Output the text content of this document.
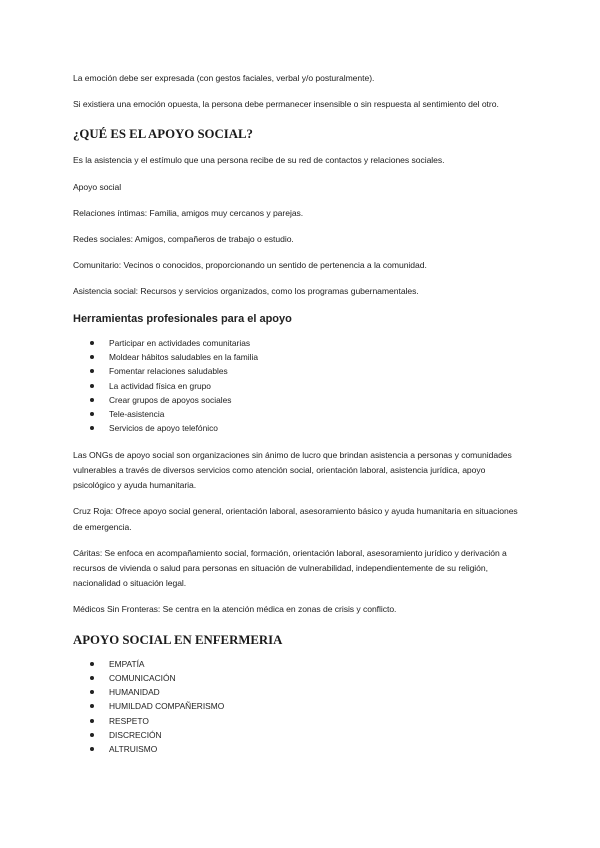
La emoción debe ser expresada (con gestos faciales, verbal y/o posturalmente).

Si existiera una emoción opuesta, la persona debe permanecer insensible o sin respuesta al sentimiento del otro.

¿QUÉ ES EL APOYO SOCIAL?

Es la asistencia y el estímulo que una persona recibe de su red de contactos y relaciones sociales.

Apoyo social

Relaciones íntimas: Familia, amigos muy cercanos y parejas.

Redes sociales: Amigos, compañeros de trabajo o estudio.

Comunitario: Vecinos o conocidos, proporcionando un sentido de pertenencia a la comunidad.

Asistencia social: Recursos y servicios organizados, como los programas gubernamentales.

Herramientas profesionales para el apoyo
Participar en actividades comunitarias
Moldear hábitos saludables en la familia
Fomentar relaciones saludables
La actividad física en grupo
Crear grupos de apoyos sociales
Tele-asistencia
Servicios de apoyo telefónico

Las ONGs de apoyo social son organizaciones sin ánimo de lucro que brindan asistencia a personas y comunidades vulnerables a través de diversos servicios como atención social, orientación laboral, asistencia jurídica, apoyo psicológico y ayuda humanitaria.

Cruz Roja: Ofrece apoyo social general, orientación laboral, asesoramiento básico y ayuda humanitaria en situaciones de emergencia.

Cáritas: Se enfoca en acompañamiento social, formación, orientación laboral, asesoramiento jurídico y derivación a recursos de vivienda o salud para personas en situación de vulnerabilidad, independientemente de su religión, nacionalidad o situación legal.

Médicos Sin Fronteras: Se centra en la atención médica en zonas de crisis y conflicto.

APOYO SOCIAL EN ENFERMERIA
EMPATÍA
COMUNICACIÓN
HUMANIDAD
HUMILDAD COMPAÑERISMO
RESPETO
DISCRECIÓN
ALTRUISMO
